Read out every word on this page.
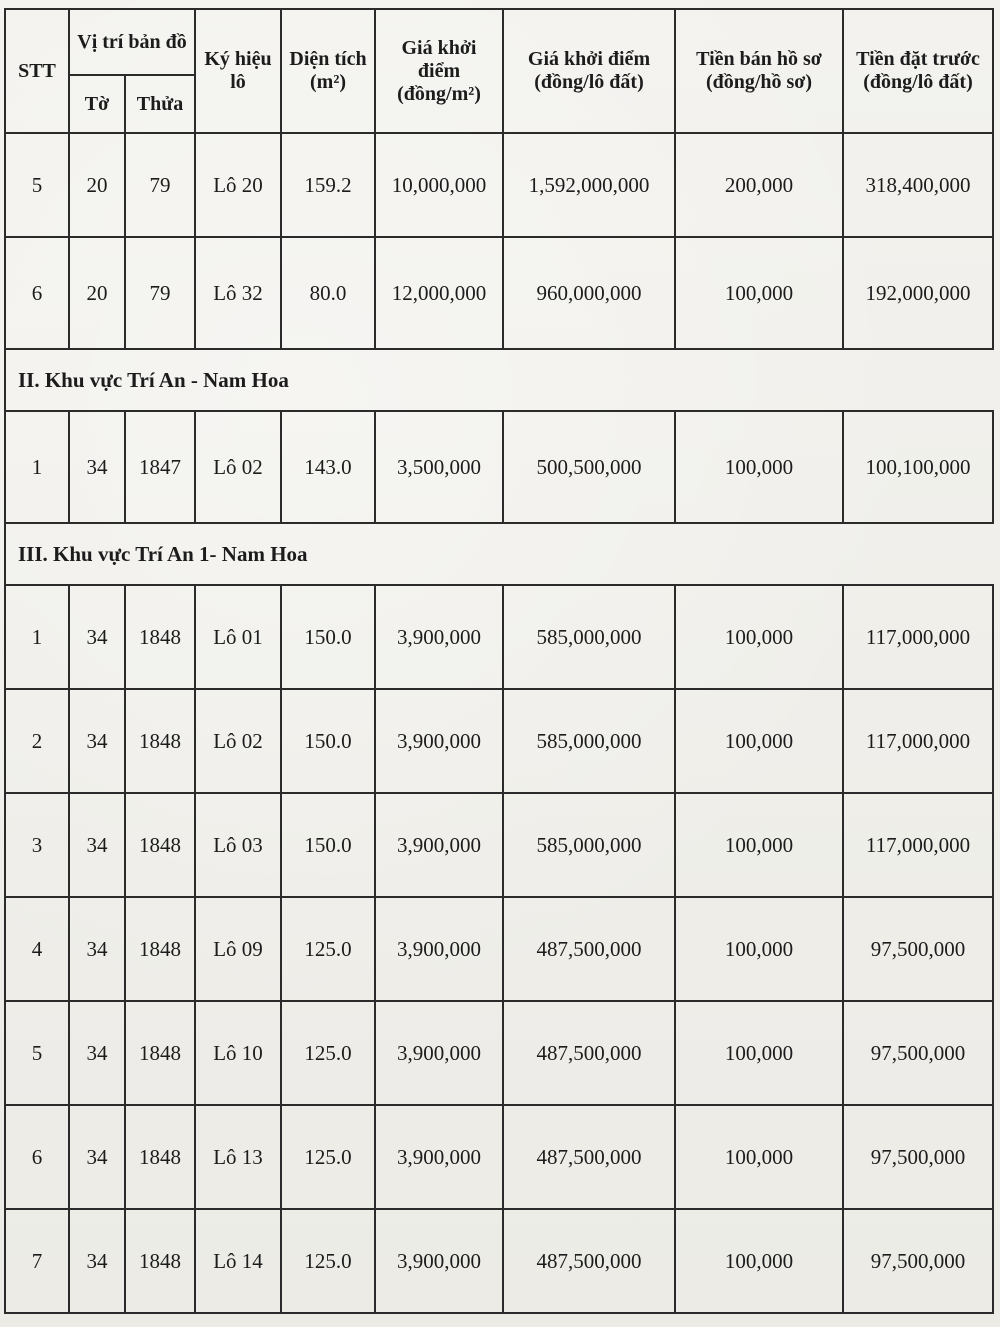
STT	Vị trí bản đồ		Ký hiệu lô	Diện tích (m²)	Giá khởi điểm (đồng/m²)	Giá khởi điểm (đồng/lô đất)	Tiền bán hồ sơ (đồng/hồ sơ)	Tiền đặt trước (đồng/lô đất)
	Tờ	Thửa						
5	20	79	Lô 20	159.2	10,000,000	1,592,000,000	200,000	318,400,000
6	20	79	Lô 32	80.0	12,000,000	960,000,000	100,000	192,000,000
II. Khu vực Trí An - Nam Hoa								
1	34	1847	Lô 02	143.0	3,500,000	500,500,000	100,000	100,100,000
III. Khu vực Trí An 1- Nam Hoa								
1	34	1848	Lô 01	150.0	3,900,000	585,000,000	100,000	117,000,000
2	34	1848	Lô 02	150.0	3,900,000	585,000,000	100,000	117,000,000
3	34	1848	Lô 03	150.0	3,900,000	585,000,000	100,000	117,000,000
4	34	1848	Lô 09	125.0	3,900,000	487,500,000	100,000	97,500,000
5	34	1848	Lô 10	125.0	3,900,000	487,500,000	100,000	97,500,000
6	34	1848	Lô 13	125.0	3,900,000	487,500,000	100,000	97,500,000
7	34	1848	Lô 14	125.0	3,900,000	487,500,000	100,000	97,500,000
